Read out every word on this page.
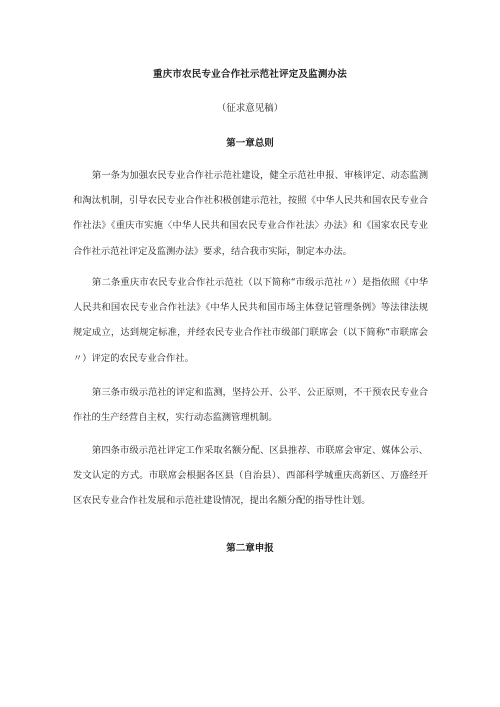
重庆市农民专业合作社示范社评定及监测办法
（征求意见稿）
第一章总则

第一条为加强农民专业合作社示范社建设，健全示范社申报、审核评定、动态监测和淘汰机制，引导农民专业合作社积极创建示范社，按照《中华人民共和国农民专业合作社法》《重庆市实施〈中华人民共和国农民专业合作社法〉办法》和《国家农民专业合作社示范社评定及监测办法》要求，结合我市实际，制定本办法。

第二条重庆市农民专业合作社示范社（以下简称“市级示范社〃）是指依照《中华人民共和国农民专业合作社法》《中华人民共和国市场主体登记管理条例》等法律法规规定成立，达到规定标准，并经农民专业合作社市级部门联席会（以下简称“市联席会〃）评定的农民专业合作社。

第三条市级示范社的评定和监测，坚持公开、公平、公正原则，不干预农民专业合作社的生产经营自主权，实行动态监测管理机制。

第四条市级示范社评定工作采取名额分配、区县推荐、市联席会审定、媒体公示、发文认定的方式。市联席会根据各区县（自治县）、西部科学城重庆高新区、万盛经开区农民专业合作社发展和示范社建设情况，提出名额分配的指导性计划。

第二章申报
